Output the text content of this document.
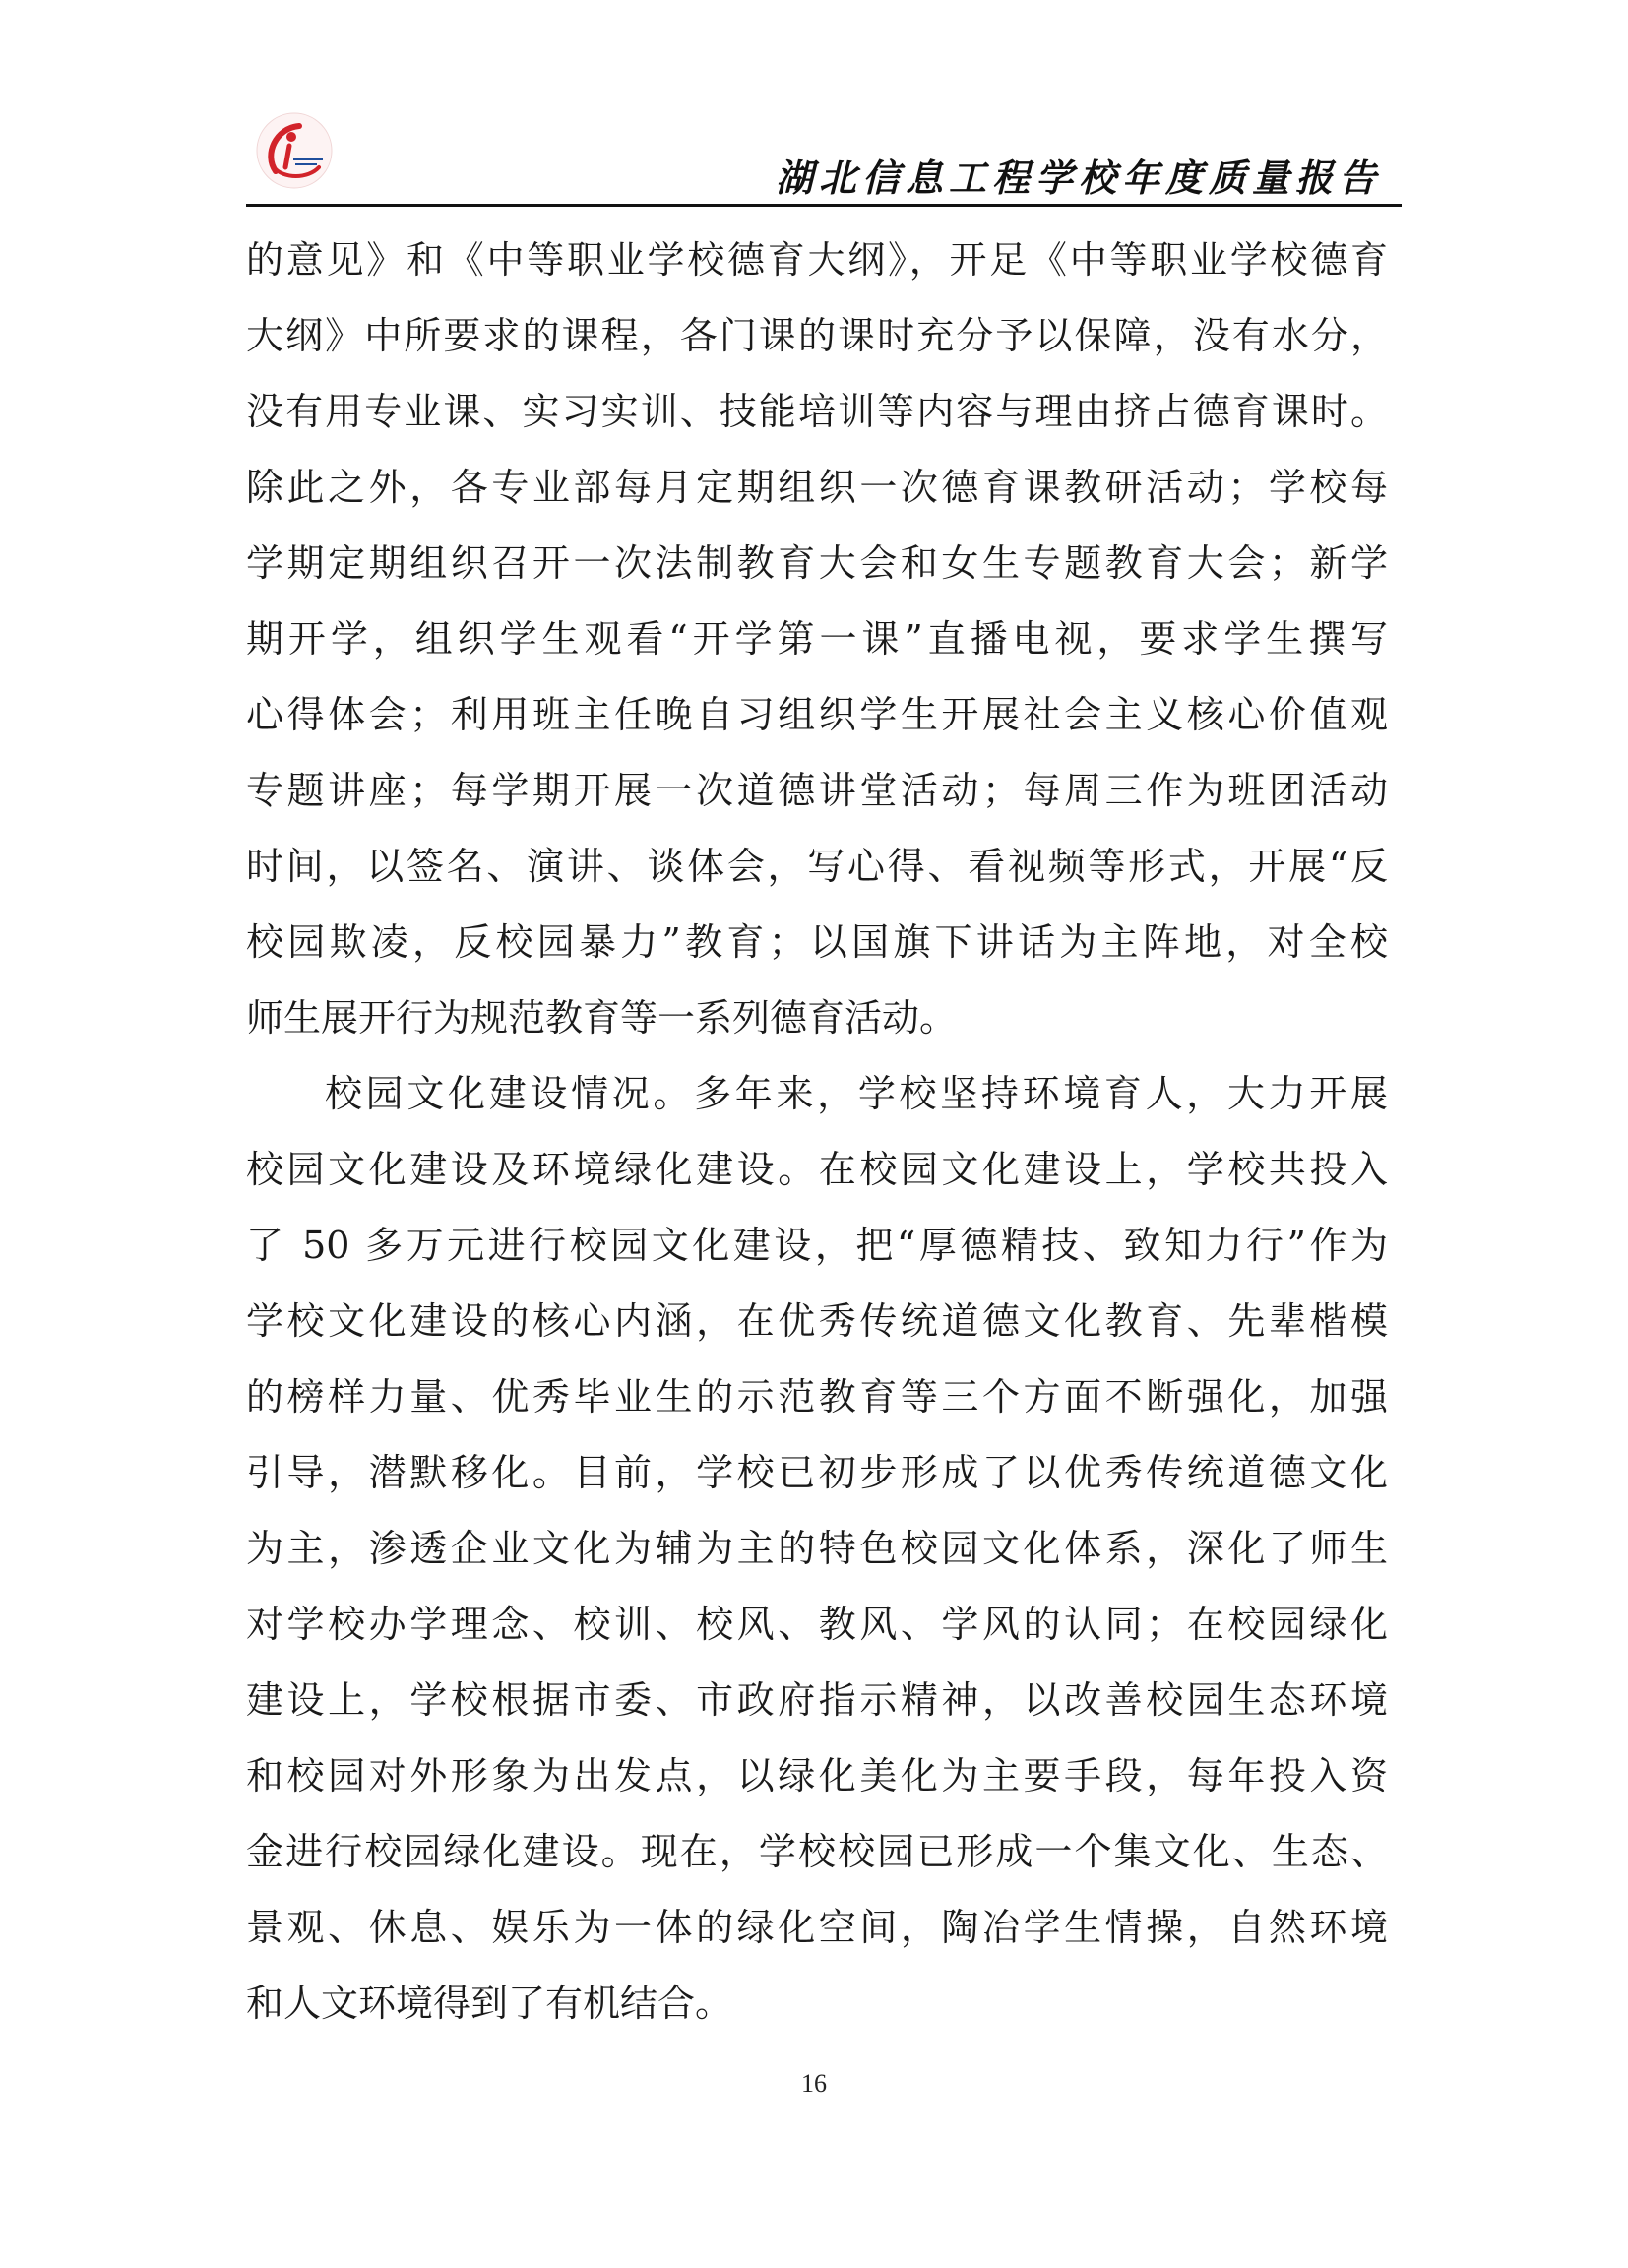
湖北信息工程学校年度质量报告
的意见》和《中等职业学校德育大纲》，开足《中等职业学校德育
大纲》中所要求的课程，各门课的课时充分予以保障，没有水分，
没有用专业课、实习实训、技能培训等内容与理由挤占德育课时。
除此之外，各专业部每月定期组织一次德育课教研活动；学校每
学期定期组织召开一次法制教育大会和女生专题教育大会；新学
期开学，组织学生观看“开学第一课”直播电视，要求学生撰写
心得体会；利用班主任晚自习组织学生开展社会主义核心价值观
专题讲座；每学期开展一次道德讲堂活动；每周三作为班团活动
时间，以签名、演讲、谈体会，写心得、看视频等形式，开展“反
校园欺凌，反校园暴力”教育；以国旗下讲话为主阵地，对全校
师生展开行为规范教育等一系列德育活动。
校园文化建设情况。多年来，学校坚持环境育人，大力开展
校园文化建设及环境绿化建设。在校园文化建设上，学校共投入
了 50 多万元进行校园文化建设，把“厚德精技、致知力行”作为
学校文化建设的核心内涵，在优秀传统道德文化教育、先辈楷模
的榜样力量、优秀毕业生的示范教育等三个方面不断强化，加强
引导，潜默移化。目前，学校已初步形成了以优秀传统道德文化
为主，渗透企业文化为辅为主的特色校园文化体系，深化了师生
对学校办学理念、校训、校风、教风、学风的认同；在校园绿化
建设上，学校根据市委、市政府指示精神，以改善校园生态环境
和校园对外形象为出发点，以绿化美化为主要手段，每年投入资
金进行校园绿化建设。现在，学校校园已形成一个集文化、生态、
景观、休息、娱乐为一体的绿化空间，陶冶学生情操，自然环境
和人文环境得到了有机结合。
16
